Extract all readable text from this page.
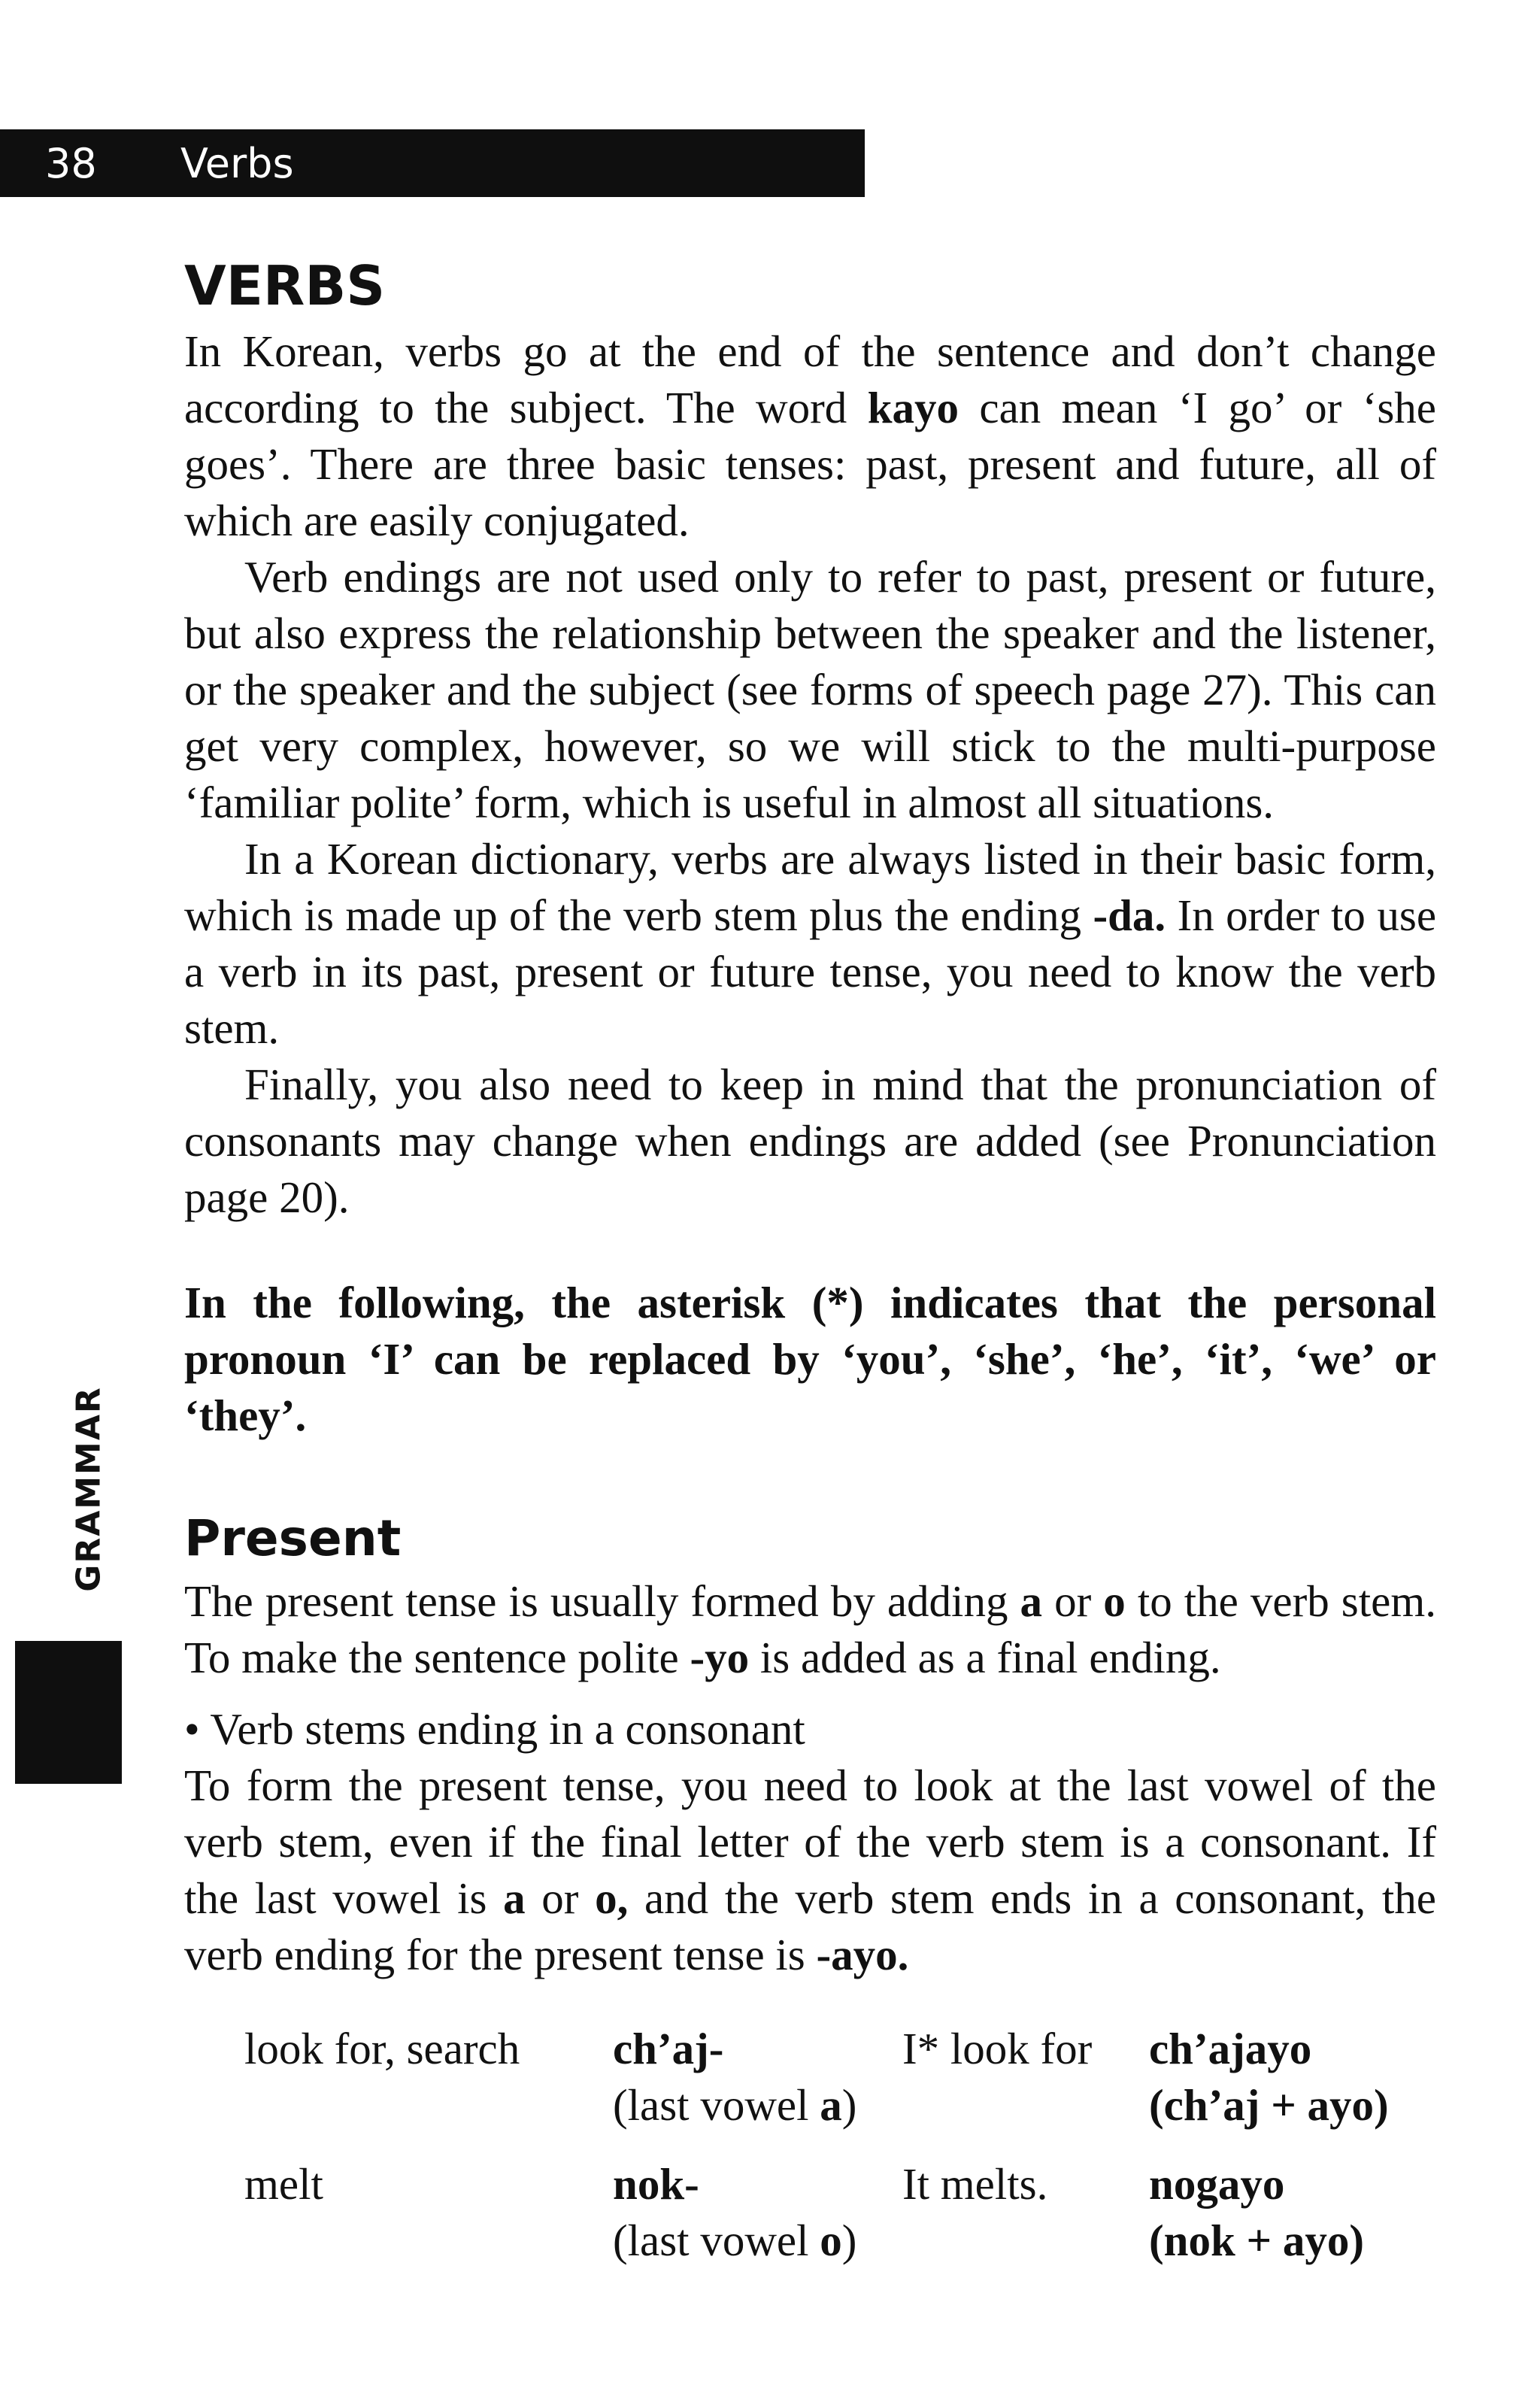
38 Verbs
GRAMMAR
VERBS

In Korean, verbs go at the end of the sentence and don’t change according to the subject. The word kayo can mean ‘I go’ or ‘she goes’. There are three basic tenses: past, present and future, all of which are easily conjugated.

Verb endings are not used only to refer to past, present or future, but also express the relationship between the speaker and the listener, or the speaker and the subject (see forms of speech page 27). This can get very complex, however, so we will stick to the multi-purpose ‘familiar polite’ form, which is useful in almost all situations.

In a Korean dictionary, verbs are always listed in their basic form, which is made up of the verb stem plus the ending -da. In order to use a verb in its past, present or future tense, you need to know the verb stem.

Finally, you also need to keep in mind that the pronunciation of consonants may change when endings are added (see Pronunciation page 20).

In the following, the asterisk (*) indicates that the personal pronoun ‘I’ can be replaced by ‘you’, ‘she’, ‘he’, ‘it’, ‘we’ or ‘they’.

Present

The present tense is usually formed by adding a or o to the verb stem. To make the sentence polite -yo is added as a final ending.

• Verb stems ending in a consonant

To form the present tense, you need to look at the last vowel of the verb stem, even if the final letter of the verb stem is a consonant. If the last vowel is a or o, and the verb stem ends in a consonant, the verb ending for the present tense is -ayo.

look for, search ch’aj-
(last vowel a)
I* look for ch’ajayo
(ch’aj + ayo)
melt	nok-
(last vowel o)
It melts. nogayo
(nok + ayo)
